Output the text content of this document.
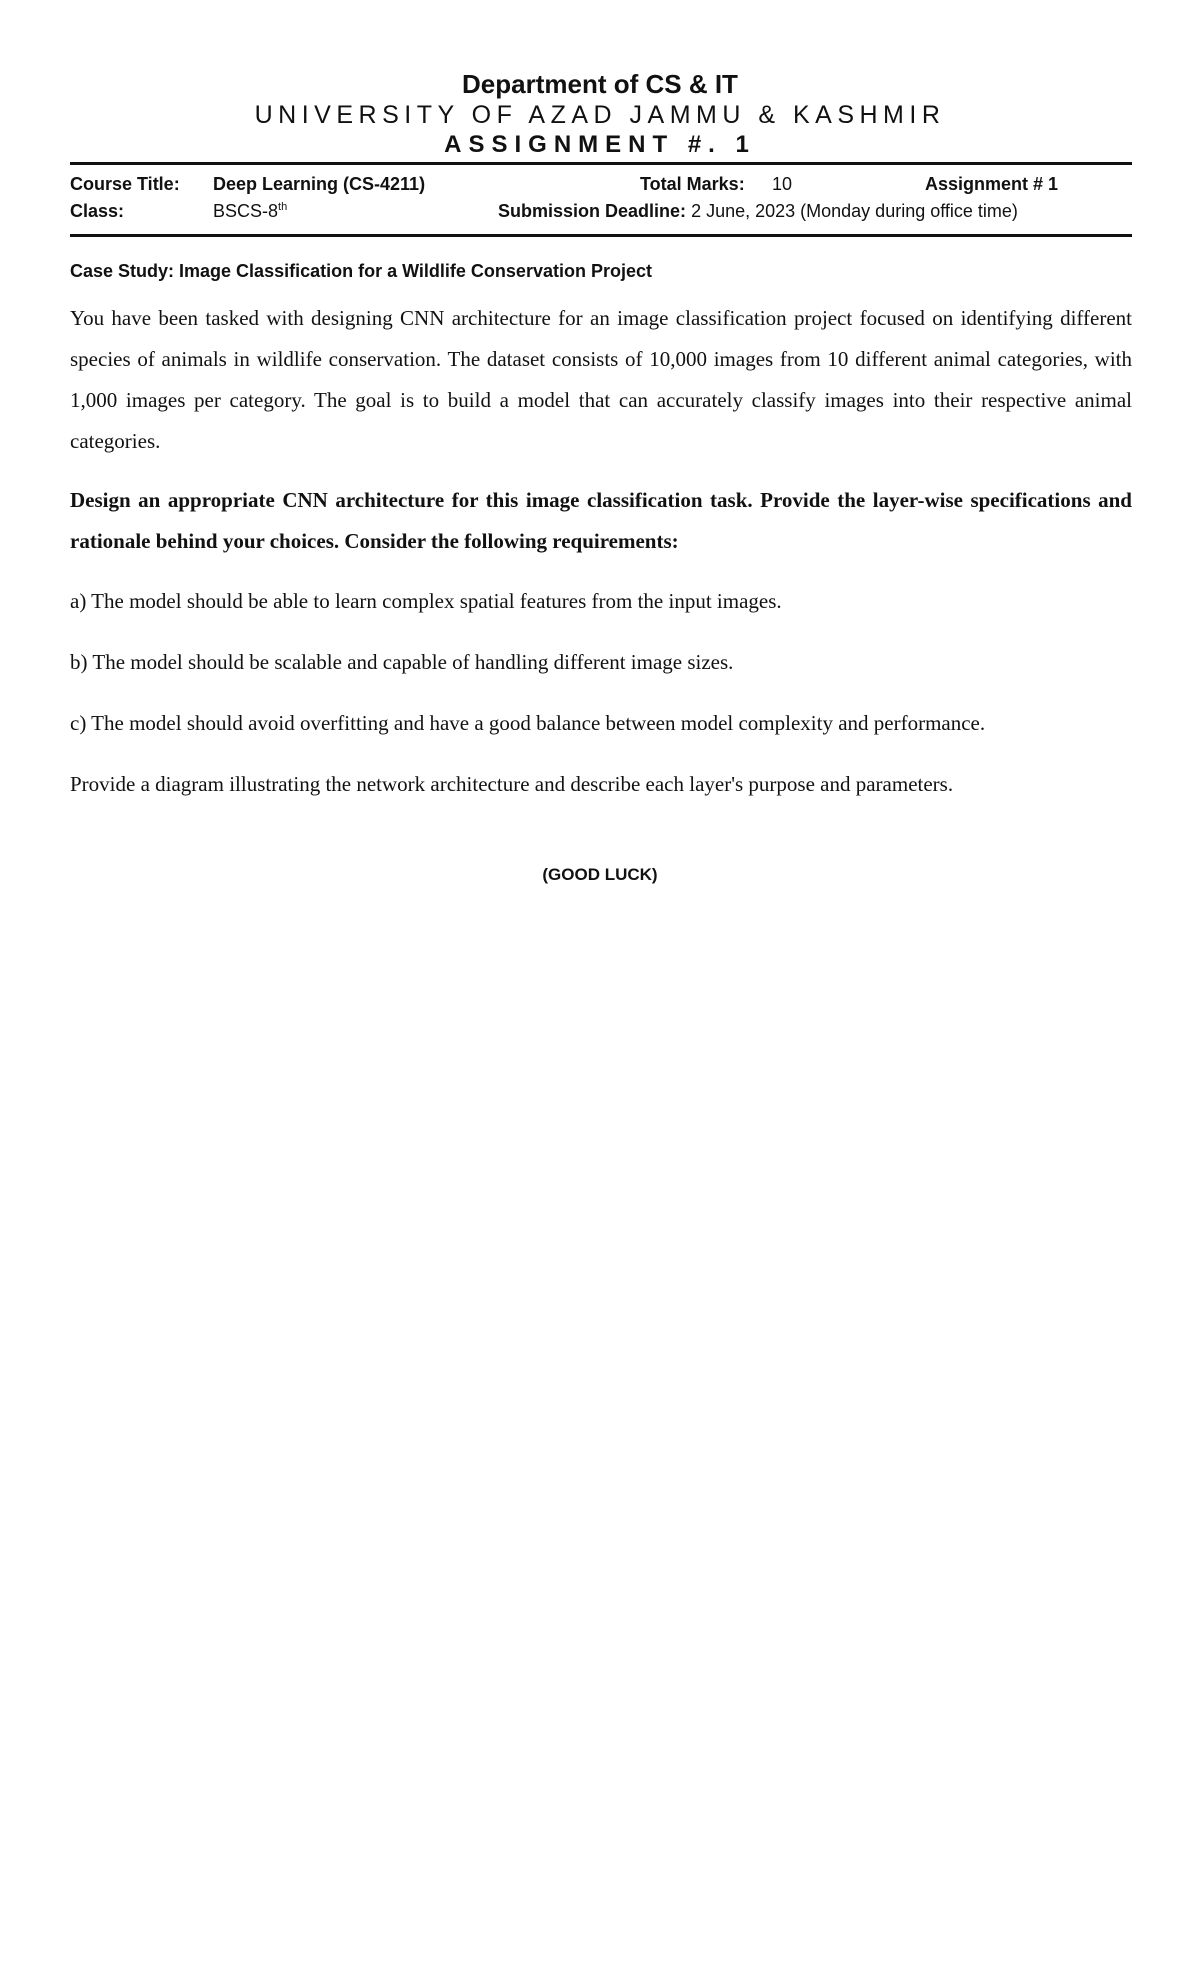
Department of CS & IT

UNIVERSITY OF AZAD JAMMU & KASHMIR

ASSIGNMENT #. 1

Course Title: Deep Learning (CS-4211)	Total Marks: 10	Assignment # 1
Class:	BSCS-8th	Submission Deadline: 2 June, 2023 (Monday during office time)
Case Study: Image Classification for a Wildlife Conservation Project

You have been tasked with designing CNN architecture for an image classification project focused on identifying different species of animals in wildlife conservation. The dataset consists of 10,000 images from 10 different animal categories, with 1,000 images per category. The goal is to build a model that can accurately classify images into their respective animal categories.

Design an appropriate CNN architecture for this image classification task. Provide the layer-wise specifications and rationale behind your choices. Consider the following requirements:

a) The model should be able to learn complex spatial features from the input images.
b) The model should be scalable and capable of handling different image sizes.
c) The model should avoid overfitting and have a good balance between model complexity and performance.
Provide a diagram illustrating the network architecture and describe each layer's purpose and parameters.
(GOOD LUCK)
